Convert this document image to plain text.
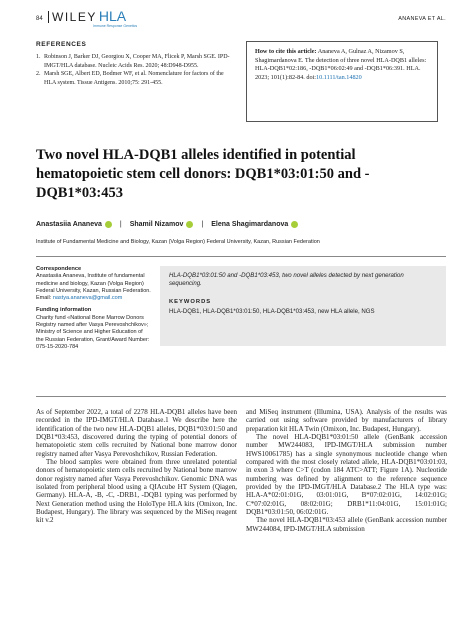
84 WILEY HLA
Immune Response Genetics
ANANEVA ET AL.
REFERENCES
1. Robinson J, Barker DJ, Georgiou X, Cooper MA, Flicek P, Marsh SGE. IPD-IMGT/HLA database. Nucleic Acids Res. 2020; 48:D948-D955.
2. Marsh SGE, Albert ED, Bodmer WF, et al. Nomenclature for factors of the HLA system. Tissue Antigens. 2010;75: 291-455.
How to cite this article: Ananeva A, Gulnaz A, Nizamov S, Shagimardanova E. The detection of three novel HLA-DQB1 alleles: HLA-DQB1*02:186, -DQB1*06:02:49 and -DQB1*06:391. HLA. 2023; 101(1):82-84. doi:10.1111/tan.14820
Two novel HLA-DQB1 alleles identified in potential hematopoietic stem cell donors: DQB1*03:01:50 and -DQB1*03:453
Anastasiia Ananeva	| Shamil Nizamov	| Elena Shagimardanova
Institute of Fundamental Medicine and Biology, Kazan (Volga Region) Federal University, Kazan, Russian Federation
Correspondence
Anastasiia Ananeva, Institute of fundamental medicine and biology, Kazan (Volga Region) Federal University, Kazan, Russian Federation.
Email: nastya.ananeva@gmail.com
Funding information
Charity fund «National Bone Marrow Donors Registry named after Vasya Perevoshchikov»; Ministry of Science and Higher Education of the Russian Federation, Grant/Award Number: 075-15-2020-784
HLA-DQB1*03:01:50 and -DQB1*03:453, two novel alleles detected by next generation sequencing.
KEYWORDS
HLA-DQB1, HLA-DQB1*03:01:50, HLA-DQB1*03:453, new HLA allele, NGS

As of September 2022, a total of 2278 HLA-DQB1 alleles have been recorded in the IPD-IMGT/HLA Database.1 We describe here the identification of the two new HLA-DQB1 alleles, DQB1*03:01:50 and DQB1*03:453, discovered during the typing of potential donors of hematopoietic stem cells recruited by National bone marrow donor registry named after Vasya Perevoshchikov, Russian Federation.

The blood samples were obtained from three unrelated potential donors of hematopoietic stem cells recruited by National bone marrow donor registry named after Vasya Perevoshchikov. Genomic DNA was isolated from peripheral blood using a QIAcube HT System (Qiagen, Germany). HLA-A, -B, -C, -DRB1, -DQB1 typing was performed by Next Generation method using the HoloType HLA kits (Omixon, Inc. Budapest, Hungary). The library was sequenced by the MiSeq reagent kit v.2

and MiSeq instrument (Illumina, USA). Analysis of the results was carried out using software provided by manufacturers of library preparation kit HLA Twin (Omixon, Inc. Budapest, Hungary).

The novel HLA-DQB1*03:01:50 allele (GenBank accession number MW244083, IPD-IMGT/HLA submission number HWS10061785) has a single synonymous nucleotide change when compared with the most closely related allele, HLA-DQB1*03:01:03, in exon 3 where C>T (codon 184 ATC>ATT; Figure 1A). Nucleotide numbering was defined by alignment to the reference sequence provided by the IPD-IMGT/HLA Database.2 The HLA type was: HLA-A*02:01:01G, 03:01:01G, B*07:02:01G, 14:02:01G; C*07:02:01G, 08:02:01G; DRB1*11:04:01G, 15:01:01G; DQB1*03:01:50, 06:02:01G.

The novel HLA-DQB1*03:453 allele (GenBank accession number MW244084, IPD-IMGT/HLA submission
